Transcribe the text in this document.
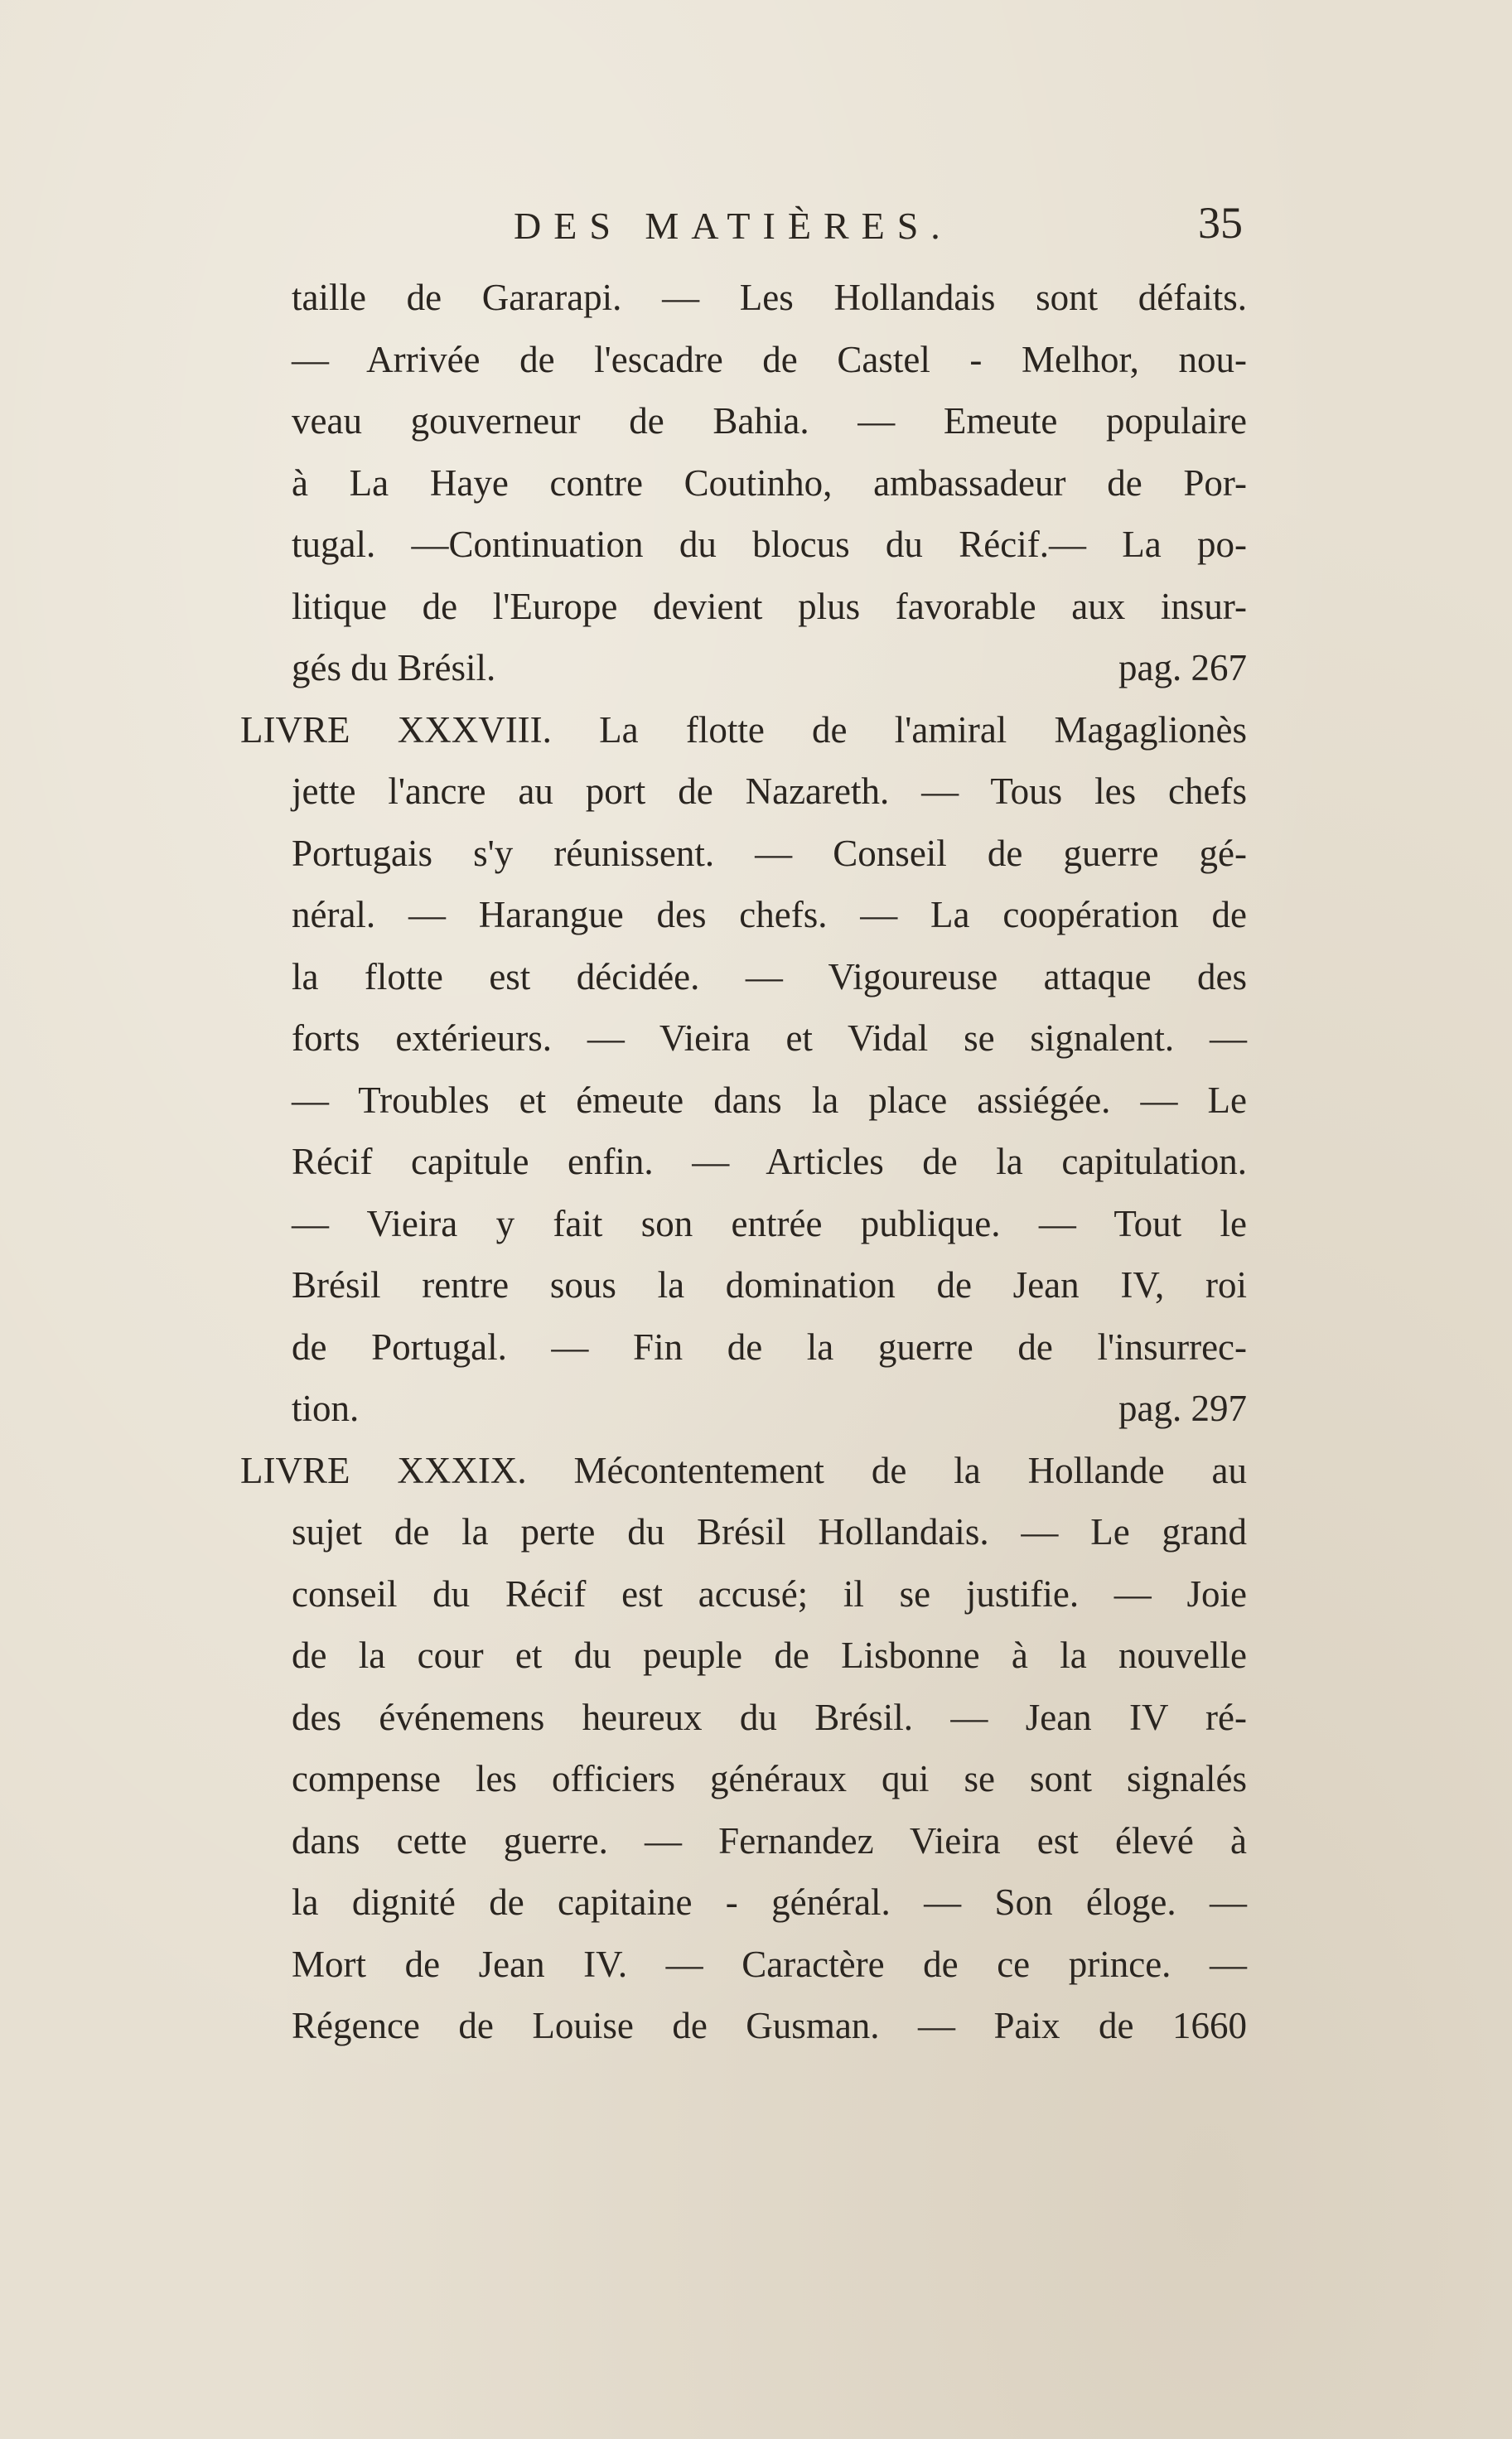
DES MATIÈRES.	35
taille de Gararapi. — Les Hollandais sont défaits.
— Arrivée de l'escadre de Castel - Melhor, nou-
veau gouverneur de Bahia. — Emeute populaire
à La Haye contre Coutinho, ambassadeur de Por-
tugal. —Continuation du blocus du Récif.— La po-
litique de l'Europe devient plus favorable aux insur-
gés du Brésil.	pag. 267
LIVRE XXXVIII. La flotte de l'amiral Magaglionès
jette l'ancre au port de Nazareth. — Tous les chefs
Portugais s'y réunissent. — Conseil de guerre gé-
néral. — Harangue des chefs. — La coopération de
la flotte est décidée. — Vigoureuse attaque des
forts extérieurs. — Vieira et Vidal se signalent. —
— Troubles et émeute dans la place assiégée. — Le
Récif capitule enfin. — Articles de la capitulation.
— Vieira y fait son entrée publique. — Tout le
Brésil rentre sous la domination de Jean IV, roi
de Portugal. — Fin de la guerre de l'insurrec-
tion.	pag. 297
LIVRE XXXIX. Mécontentement de la Hollande au
sujet de la perte du Brésil Hollandais. — Le grand
conseil du Récif est accusé; il se justifie. — Joie
de la cour et du peuple de Lisbonne à la nouvelle
des événemens heureux du Brésil. — Jean IV ré-
compense les officiers généraux qui se sont signalés
dans cette guerre. — Fernandez Vieira est élevé à
la dignité de capitaine - général. — Son éloge. —
Mort de Jean IV. — Caractère de ce prince. —
Régence de Louise de Gusman. — Paix de 1660
